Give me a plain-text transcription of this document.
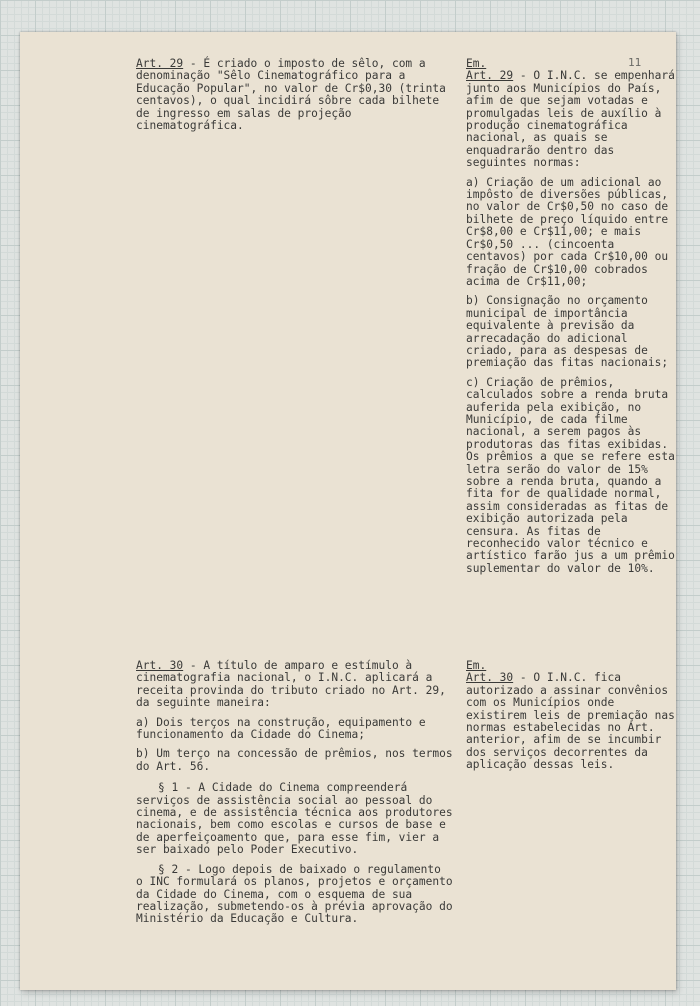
11

Art. 29 - É criado o imposto de sêlo, com a denominação "Sêlo Cinematográfico para a Educação Popular", no valor de Cr$0,30 (trinta centavos), o qual incidirá sôbre cada bilhete de ingresso em salas de projeção cinematográfica.

Em.

Art. 29 - O I.N.C. se empenhará junto aos Municípios do País, afim de que sejam votadas e promulgadas leis de auxílio à produção cinematográfica nacional, as quais se enquadrarão dentro das seguintes normas:

a) Criação de um adicional ao impôsto de diversões públicas, no valor de Cr$0,50 no caso de bilhete de preço líquido entre Cr$8,00 e Cr$11,00; e mais Cr$0,50 ... (cincoenta centavos) por cada Cr$10,00 ou fração de Cr$10,00 cobrados acima de Cr$11,00;

b) Consignação no orçamento municipal de importância equivalente à previsão da arrecadação do adicional criado, para as despesas de premiação das fitas nacionais;

c) Criação de prêmios, calculados sobre a renda bruta auferida pela exibição, no Município, de cada filme nacional, a serem pagos às produtoras das fitas exibidas. Os prêmios a que se refere esta letra serão do valor de 15% sobre a renda bruta, quando a fita for de qualidade normal, assim consideradas as fitas de exibição autorizada pela censura. As fitas de reconhecido valor técnico e artístico farão jus a um prêmio suplementar do valor de 10%.

Art. 30 - A título de amparo e estímulo à cinematografia nacional, o I.N.C. aplicará a receita provinda do tributo criado no Art. 29, da seguinte maneira:

a) Dois terços na construção, equipamento e funcionamento da Cidade do Cinema;

b) Um terço na concessão de prêmios, nos termos do Art. 56.

§ 1 - A Cidade do Cinema compreenderá serviços de assistência social ao pessoal do cinema, e de assistência técnica aos produtores nacionais, bem como escolas e cursos de base e de aperfeiçoamento que, para esse fim, vier a ser baixado pelo Poder Executivo.

§ 2 - Logo depois de baixado o regulamento o INC formulará os planos, projetos e orçamento da Cidade do Cinema, com o esquema de sua realização, submetendo-os à prévia aprovação do Ministério da Educação e Cultura.

Em.

Art. 30 - O I.N.C. fica autorizado a assinar convênios com os Municípios onde existirem leis de premiação nas normas estabelecidas no Art. anterior, afim de se incumbir dos serviços decorrentes da aplicação dessas leis.
